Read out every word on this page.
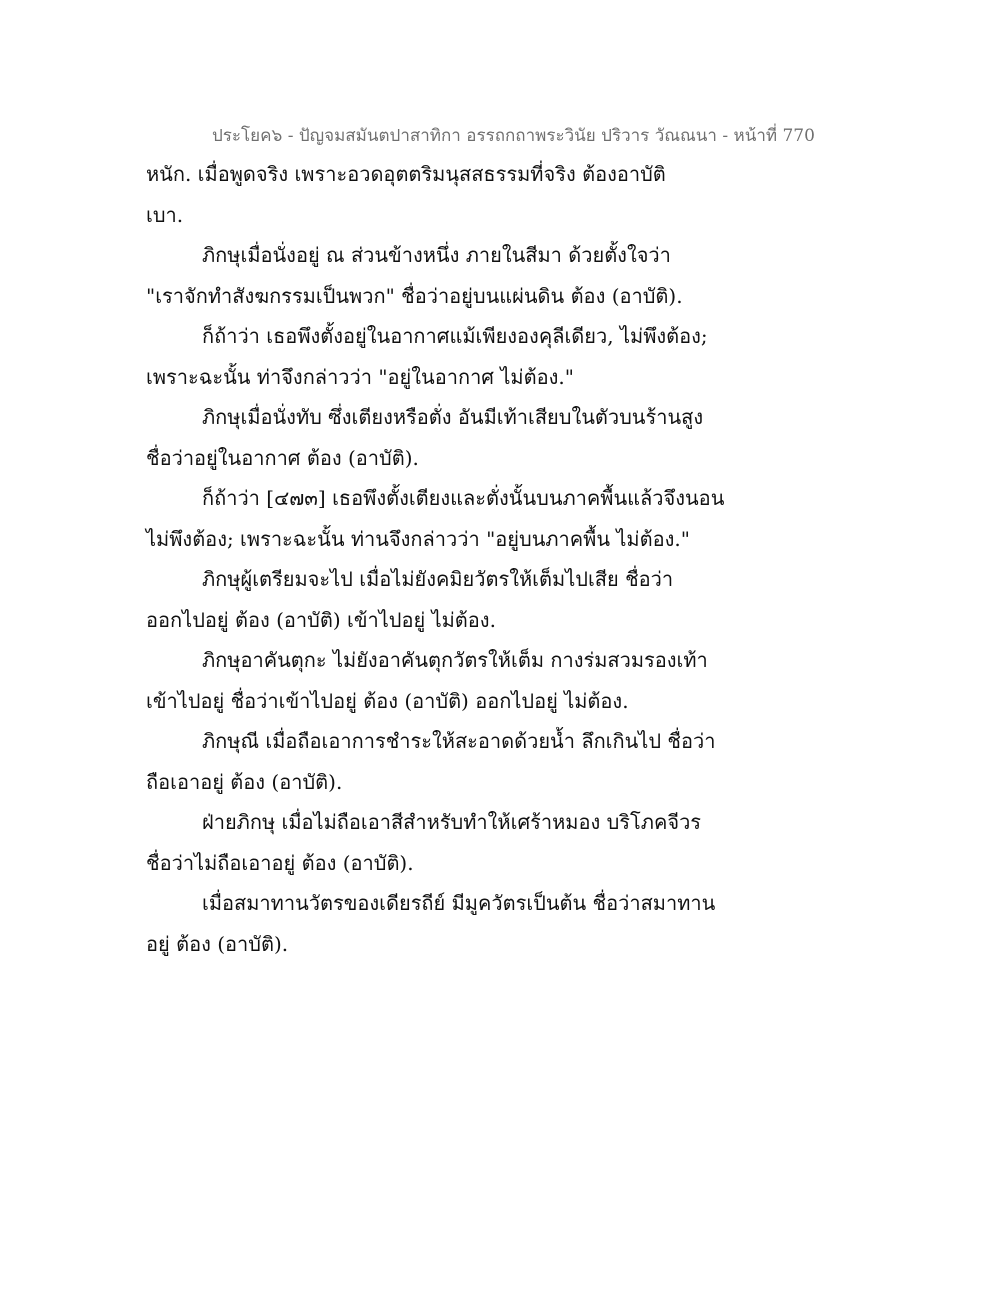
ประโยค๖ - ปัญจมสมันตปาสาทิกา อรรถกถาพระวินัย ปริวาร วัณณนา - หน้าที่ 770
หนัก. เมื่อพูดจริง เพราะอวดอุตตริมนุสสธรรมที่จริง ต้องอาบัติ
เบา.
ภิกษุเมื่อนั่งอยู่ ณ ส่วนข้างหนึ่ง ภายในสีมา ด้วยตั้งใจว่า
"เราจักทำสังฆกรรมเป็นพวก" ชื่อว่าอยู่บนแผ่นดิน ต้อง (อาบัติ).
ก็ถ้าว่า เธอพึงตั้งอยู่ในอากาศแม้เพียงองคุลีเดียว, ไม่พึงต้อง;
เพราะฉะนั้น ท่าจึงกล่าวว่า "อยู่ในอากาศ ไม่ต้อง."
ภิกษุเมื่อนั่งทับ ซึ่งเตียงหรือตั่ง อันมีเท้าเสียบในตัวบนร้านสูง
ชื่อว่าอยู่ในอากาศ ต้อง (อาบัติ).
ก็ถ้าว่า [๔๗๓] เธอพึงตั้งเตียงและตั่งนั้นบนภาคพื้นแล้วจึงนอน
ไม่พึงต้อง; เพราะฉะนั้น ท่านจึงกล่าวว่า "อยู่บนภาคพื้น ไม่ต้อง."
ภิกษุผู้เตรียมจะไป เมื่อไม่ยังคมิยวัตรให้เต็มไปเสีย ชื่อว่า
ออกไปอยู่ ต้อง (อาบัติ) เข้าไปอยู่ ไม่ต้อง.
ภิกษุอาคันตุกะ ไม่ยังอาคันตุกวัตรให้เต็ม กางร่มสวมรองเท้า
เข้าไปอยู่ ชื่อว่าเข้าไปอยู่ ต้อง (อาบัติ) ออกไปอยู่ ไม่ต้อง.
ภิกษุณี เมื่อถือเอาการชำระให้สะอาดด้วยน้ำ ลึกเกินไป ชื่อว่า
ถือเอาอยู่ ต้อง (อาบัติ).
ฝ่ายภิกษุ เมื่อไม่ถือเอาสีสำหรับทำให้เศร้าหมอง บริโภคจีวร
ชื่อว่าไม่ถือเอาอยู่ ต้อง (อาบัติ).
เมื่อสมาทานวัตรของเดียรถีย์ มีมูควัตรเป็นต้น ชื่อว่าสมาทาน
อยู่ ต้อง (อาบัติ).
